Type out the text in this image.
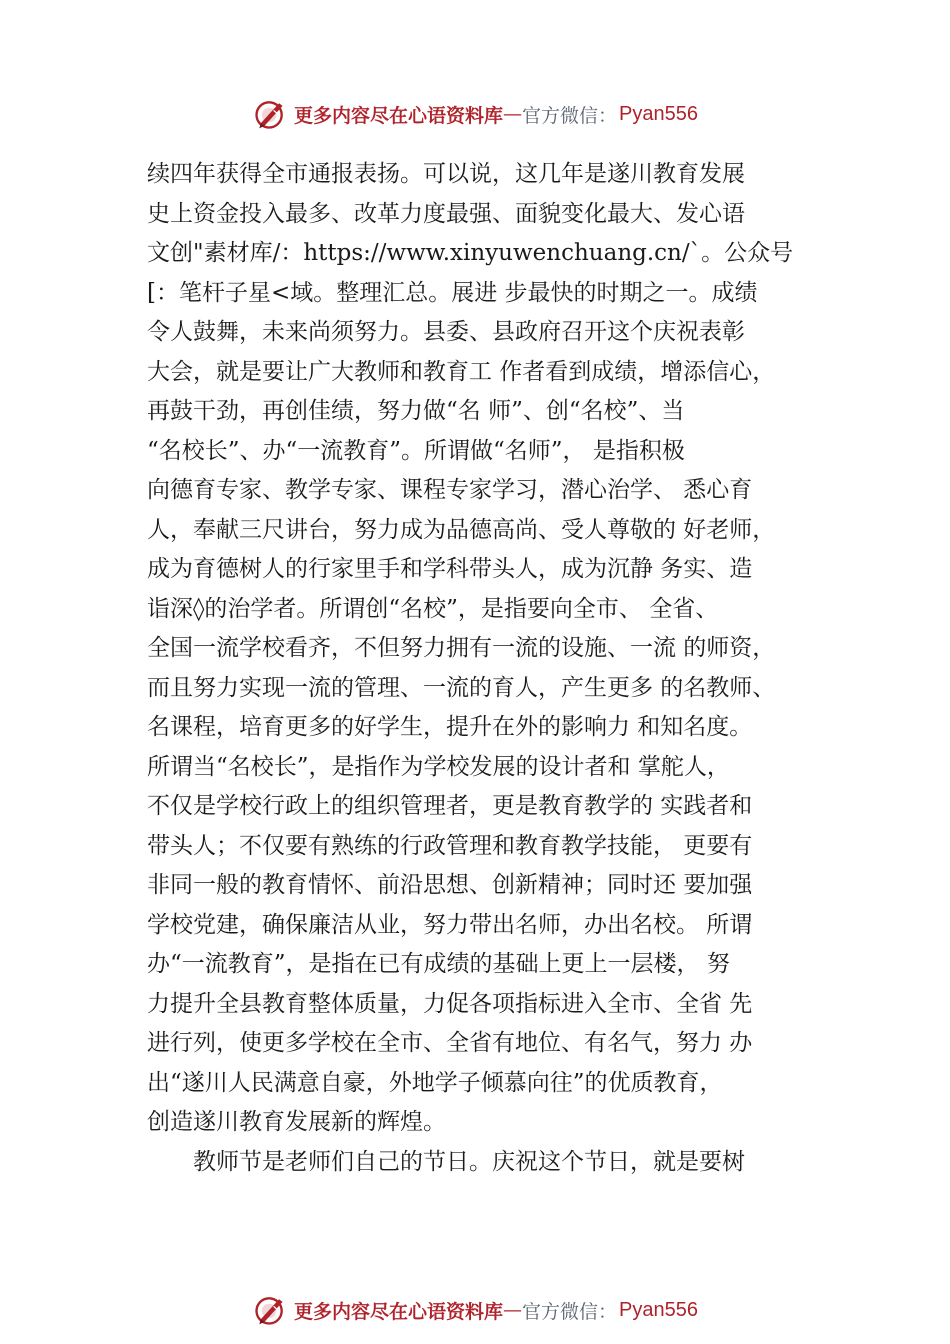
更多内容尽在心语资料库 — 官方微信： Pyan556
续四年获得全市通报表扬。可以说，这几年是遂川教育发展
史上资金投入最多、改革力度最强、面貌变化最大、发心语
文创"素材库/：https://www.xinyuwenchuang.cn/`。公众号
[：笔杆子星<域。整理汇总。展进 步最快的时期之一。成绩
令人鼓舞，未来尚须努力。县委、县政府召开这个庆祝表彰
大会，就是要让广大教师和教育工 作者看到成绩，增添信心，
再鼓干劲，再创佳绩，努力做“名 师”、创“名校”、当
“名校长”、办“一流教育”。所谓做“名师”， 是指积极
向德育专家、教学专家、课程专家学习，潜心治学、 悉心育
人，奉献三尺讲台，努力成为品德高尚、受人尊敬的 好老师，
成为育德树人的行家里手和学科带头人，成为沉静 务实、造
诣深◊的治学者。所谓创“名校”，是指要向全市、 全省、
全国一流学校看齐，不但努力拥有一流的设施、一流 的师资，
而且努力实现一流的管理、一流的育人，产生更多 的名教师、
名课程，培育更多的好学生，提升在外的影响力 和知名度。
所谓当“名校长”，是指作为学校发展的设计者和 掌舵人，
不仅是学校行政上的组织管理者，更是教育教学的 实践者和
带头人；不仅要有熟练的行政管理和教育教学技能， 更要有
非同一般的教育情怀、前沿思想、创新精神；同时还 要加强
学校党建，确保廉洁从业，努力带出名师，办出名校。 所谓
办“一流教育”，是指在已有成绩的基础上更上一层楼， 努
力提升全县教育整体质量，力促各项指标进入全市、全省 先
进行列，使更多学校在全市、全省有地位、有名气，努力 办
出“遂川人民满意自豪，外地学子倾慕向往”的优质教育，
创造遂川教育发展新的辉煌。
教师节是老师们自己的节日。庆祝这个节日，就是要树
更多内容尽在心语资料库 — 官方微信： Pyan556
